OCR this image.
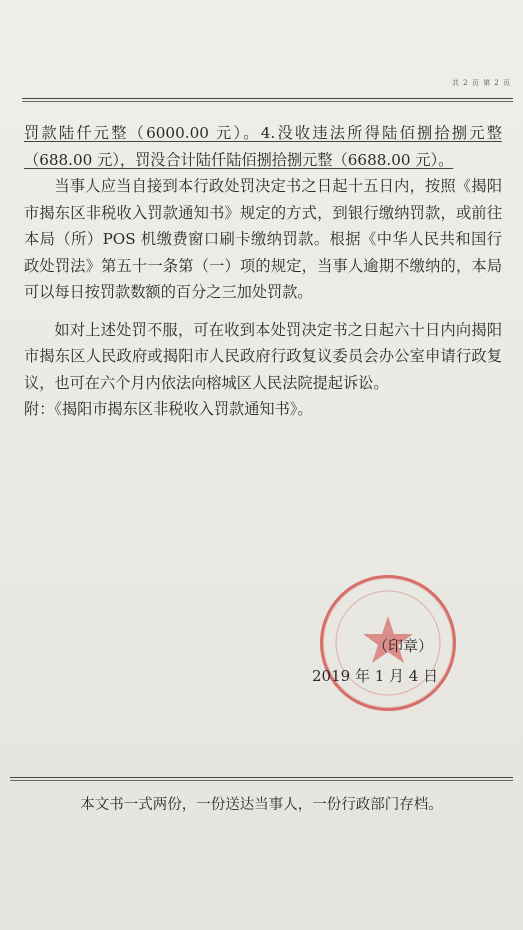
共 2 页 第 2 页

罚款陆仟元整（6000.00 元）。4.没收违法所得陆佰捌拾捌元整（688.00 元），罚没合计陆仟陆佰捌拾捌元整（6688.00 元）。

当事人应当自接到本行政处罚决定书之日起十五日内，按照《揭阳市揭东区非税收入罚款通知书》规定的方式，到银行缴纳罚款，或前往本局（所）POS 机缴费窗口刷卡缴纳罚款。根据《中华人民共和国行政处罚法》第五十一条第（一）项的规定，当事人逾期不缴纳的，本局可以每日按罚款数额的百分之三加处罚款。

如对上述处罚不服，可在收到本处罚决定书之日起六十日内向揭阳市揭东区人民政府或揭阳市人民政府行政复议委员会办公室申请行政复议，也可在六个月内依法向榕城区人民法院提起诉讼。

附：《揭阳市揭东区非税收入罚款通知书》。

（印章）
2019 年 1 月 4 日
本文书一式两份，一份送达当事人，一份行政部门存档。
